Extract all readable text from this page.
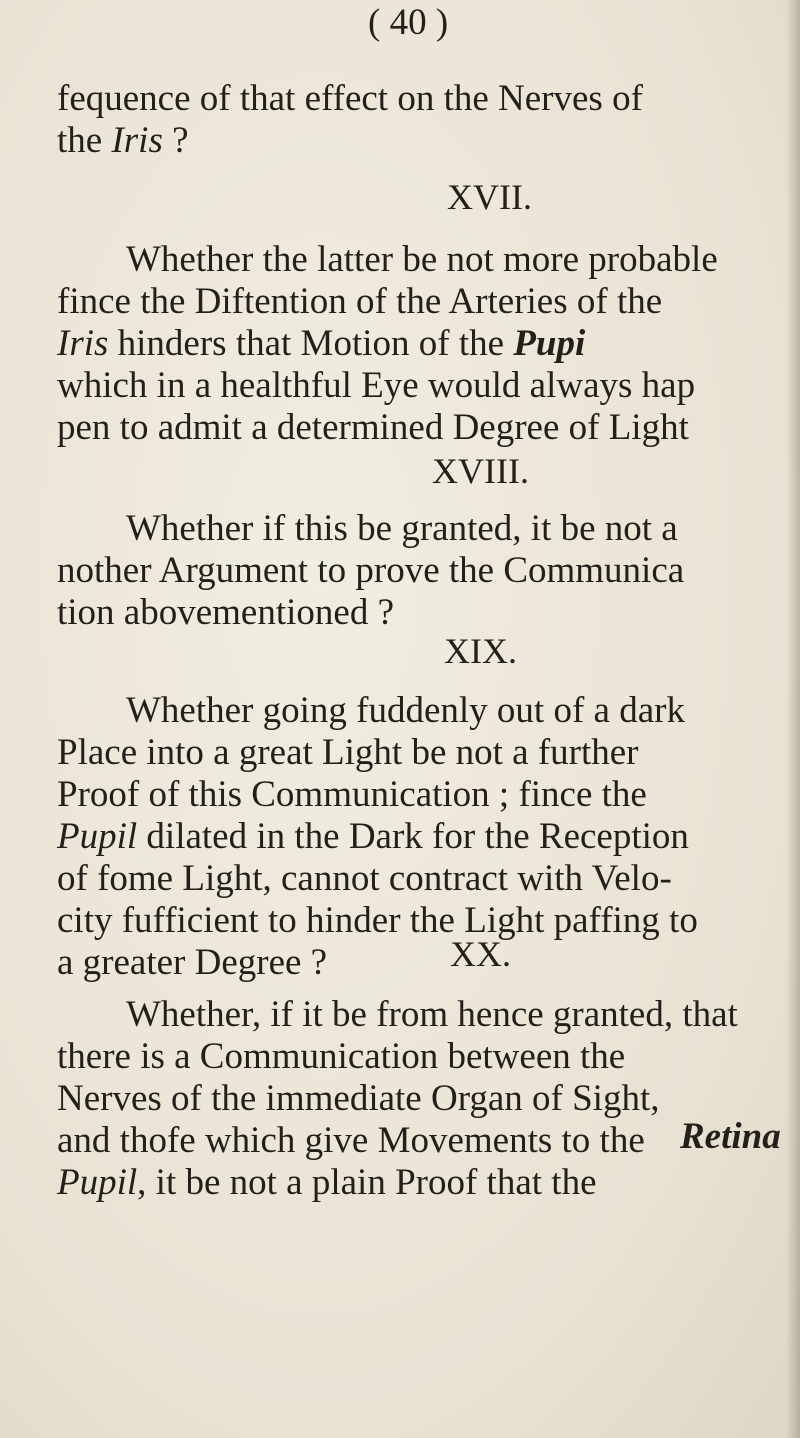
( 40 )
fequence of that effect on the Nerves of
the Iris ?
XVII.
Whether the latter be not more probable
fince the Diftention of the Arteries of the
Iris hinders that Motion of the Pupi
which in a healthful Eye would always hap
pen to admit a determined Degree of Light
XVIII.
Whether if this be granted, it be not a
nother Argument to prove the Communica
tion abovementioned ?
XIX.
Whether going fuddenly out of a dark
Place into a great Light be not a further
Proof of this Communication ; fince the
Pupil dilated in the Dark for the Reception
of fome Light, cannot contract with Velo-
city fufficient to hinder the Light paffing to
a greater Degree ?	XX.
Whether, if it be from hence granted, that
there is a Communication between the
Nerves of the immediate Organ of Sight,
and thofe which give Movements to the
Pupil, it be not a plain Proof that the
Retina
